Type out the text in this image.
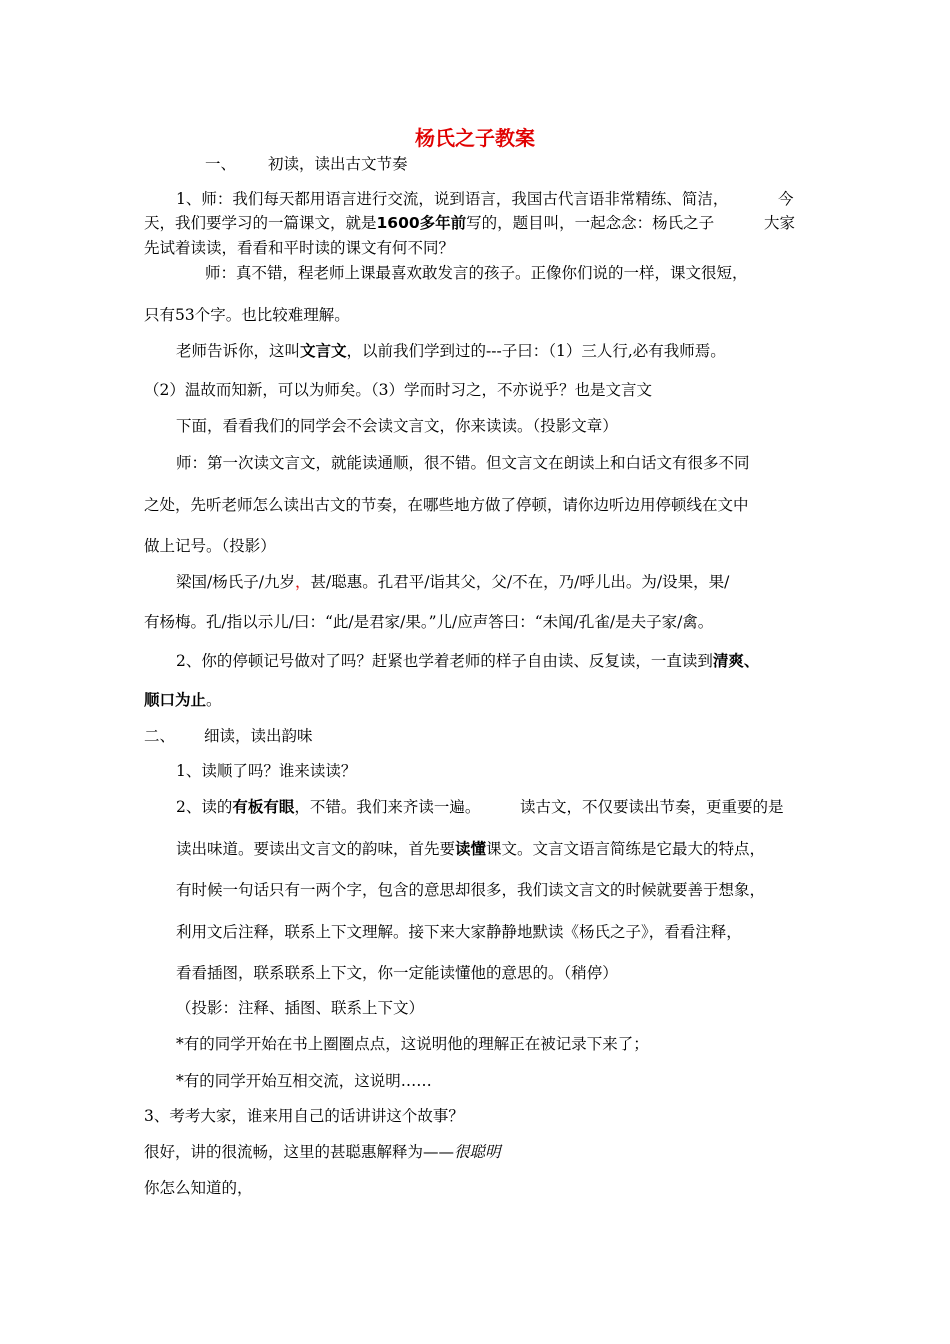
杨氏之子教案
一、 初读，读出古文节奏
1、师：我们每天都用语言进行交流，说到语言，我国古代言语非常精练、简洁，	今
天，我们要学习的一篇课文，就是1600多年前写的，题目叫，一起念念：杨氏之子	大家
先试着读读，看看和平时读的课文有何不同？
师：真不错，程老师上课最喜欢敢发言的孩子。正像你们说的一样，课文很短，
只有53个字。也比较难理解。
老师告诉你，这叫文言文，以前我们学到过的---子曰：（1）三人行,必有我师焉。
（2）温故而知新，可以为师矣。（3）学而时习之，不亦说乎？也是文言文
下面，看看我们的同学会不会读文言文，你来读读。（投影文章）
师：第一次读文言文，就能读通顺，很不错。但文言文在朗读上和白话文有很多不同
之处，先听老师怎么读出古文的节奏，在哪些地方做了停顿，请你边听边用停顿线在文中
做上记号。（投影）
梁国/杨氏子/九岁，甚/聪惠。孔君平/诣其父，父/不在，乃/呼儿出。为/设果，果/
有杨梅。孔/指以示儿/曰：“此/是君家/果。”儿/应声答曰：“未闻/孔雀/是夫子家/禽。
2、你的停顿记号做对了吗？赶紧也学着老师的样子自由读、反复读，一直读到清爽、
顺口为止。
二、 细读，读出韵味
1、读顺了吗？谁来读读？
2、读的有板有眼，不错。我们来齐读一遍。	读古文，不仅要读出节奏，更重要的是
读出味道。要读出文言文的韵味，首先要读懂课文。文言文语言简练是它最大的特点，
有时候一句话只有一两个字，包含的意思却很多，我们读文言文的时候就要善于想象，
利用文后注释，联系上下文理解。接下来大家静静地默读《杨氏之子》，看看注释，
看看插图，联系联系上下文，你一定能读懂他的意思的。（稍停）
（投影：注释、插图、联系上下文）
*有的同学开始在书上圈圈点点，这说明他的理解正在被记录下来了；
*有的同学开始互相交流，这说明……
3、考考大家，谁来用自己的话讲讲这个故事？
很好，讲的很流畅，这里的甚聪惠解释为——很聪明
你怎么知道的，
